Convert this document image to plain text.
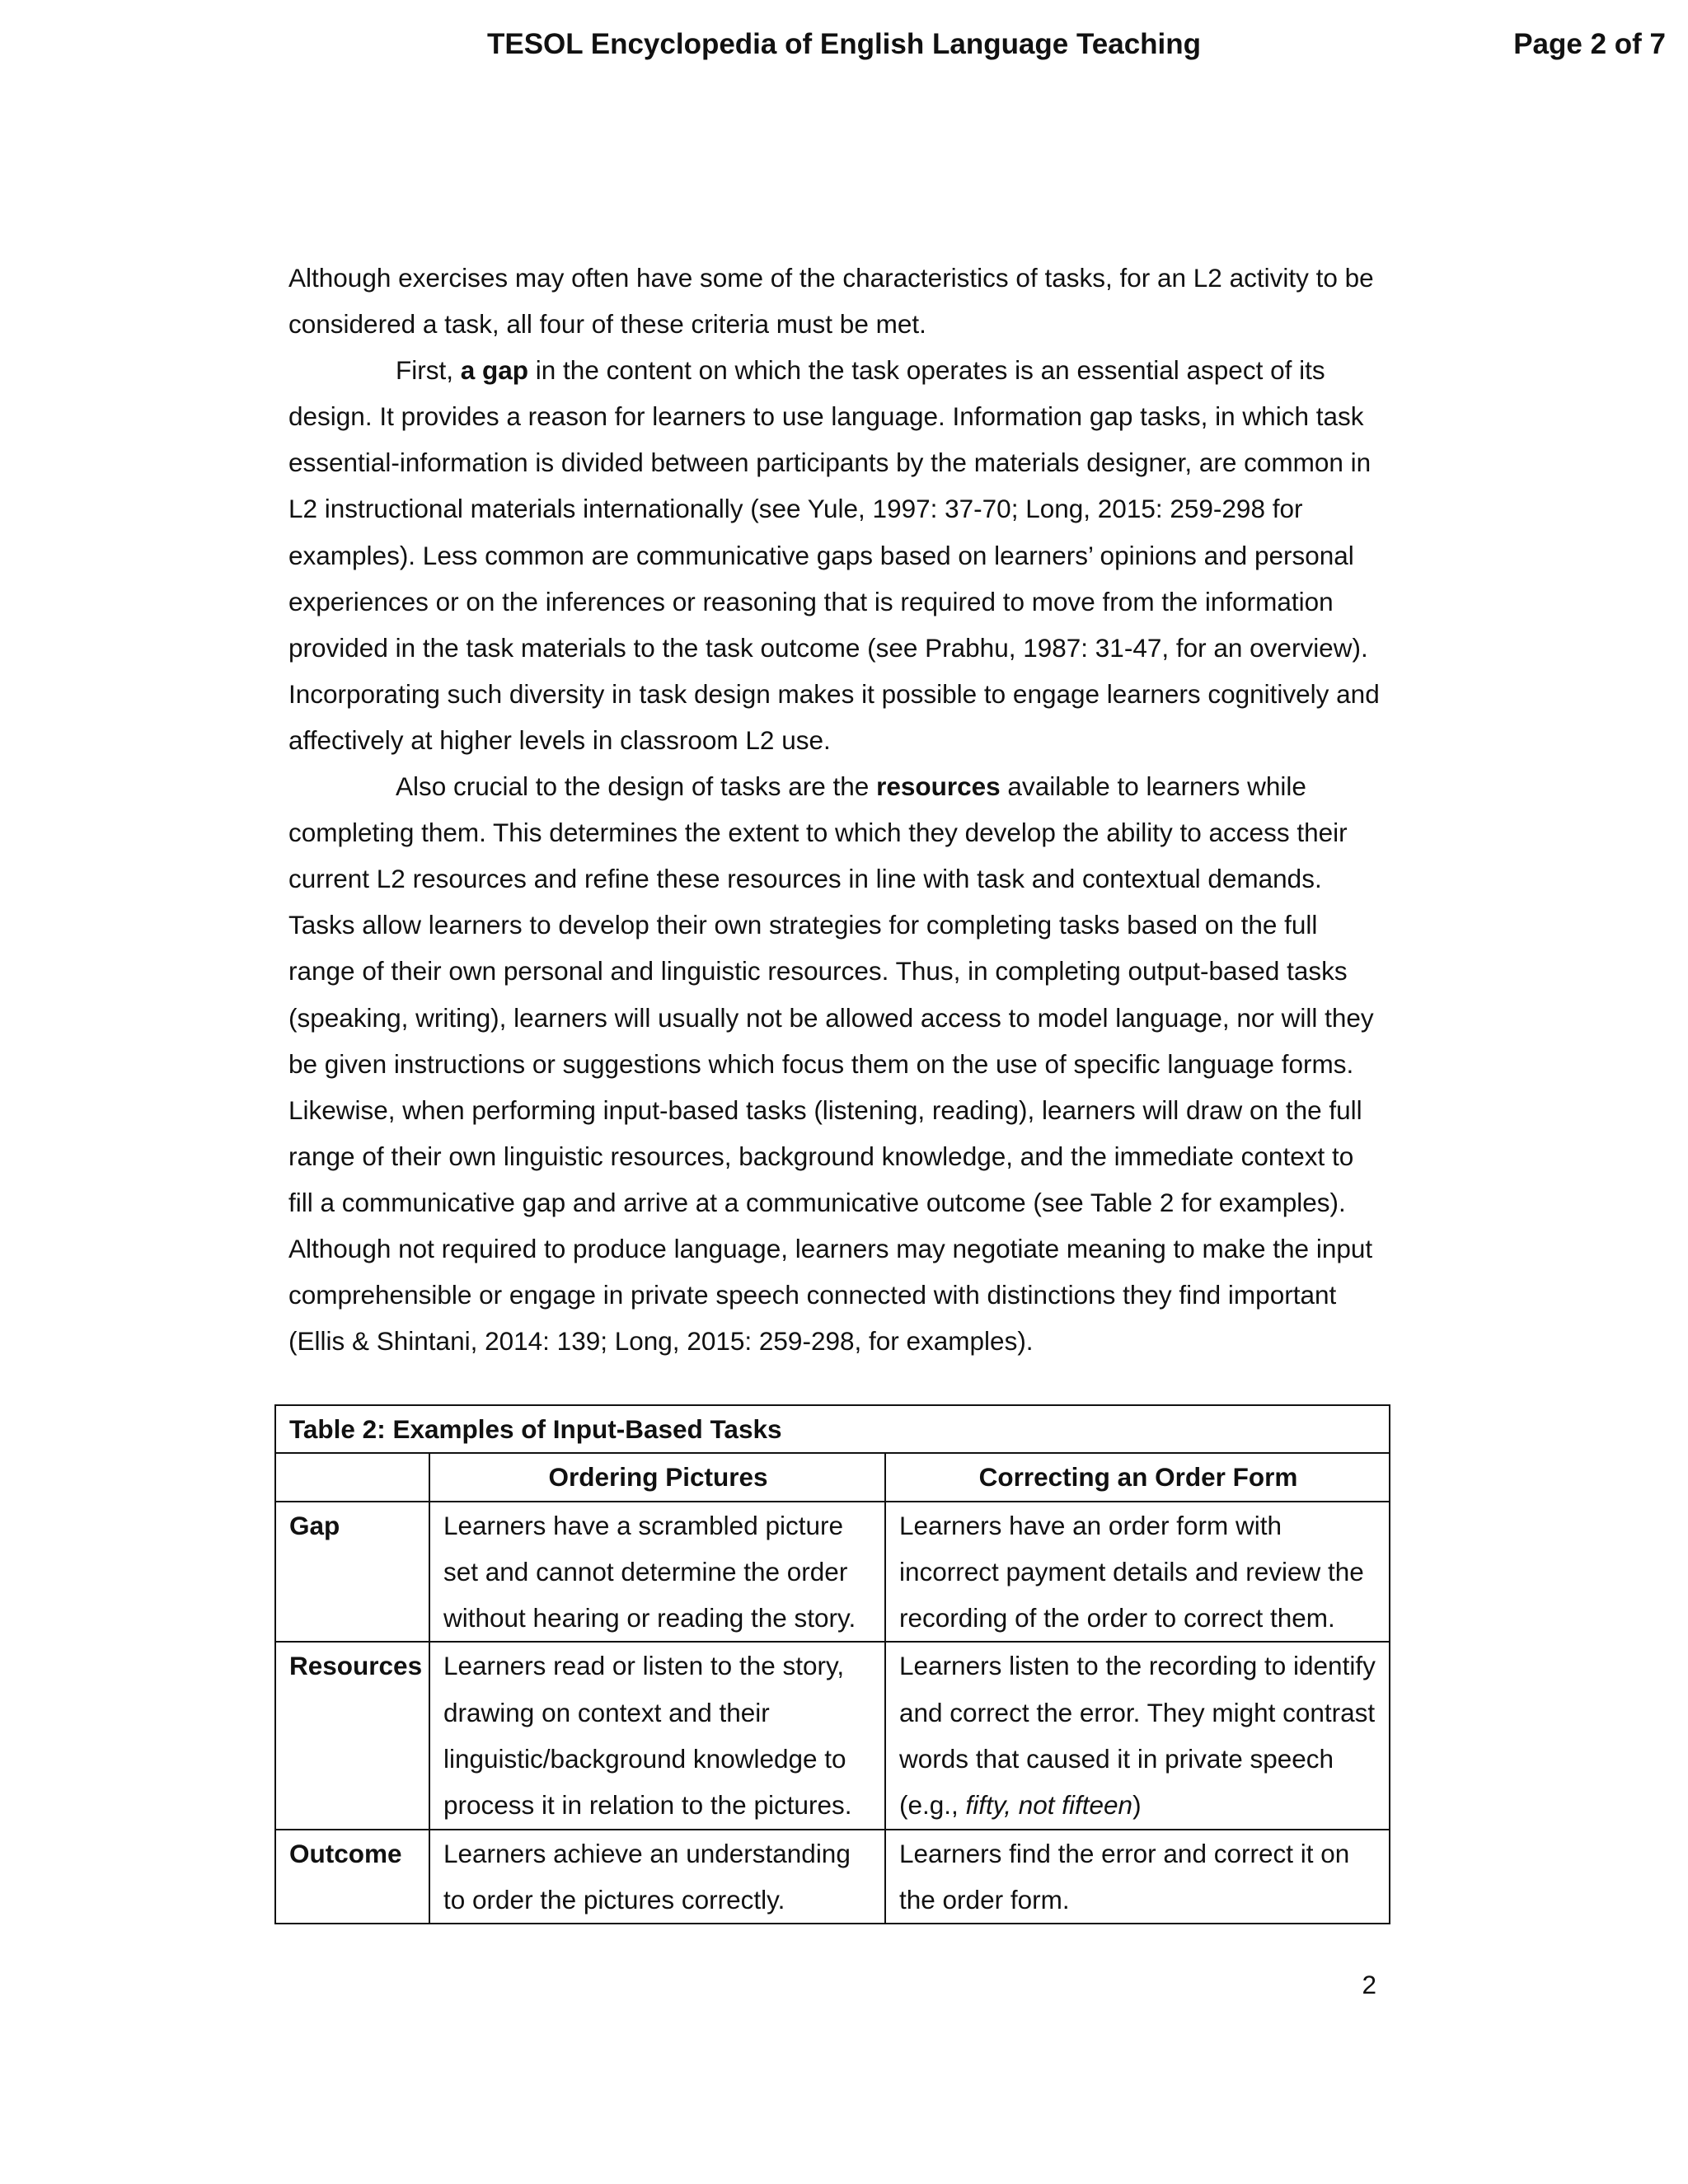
TESOL Encyclopedia of English Language Teaching	Page 2 of 7

Although exercises may often have some of the characteristics of tasks, for an L2 activity to be considered a task, all four of these criteria must be met.

First, a gap in the content on which the task operates is an essential aspect of its design. It provides a reason for learners to use language. Information gap tasks, in which task essential-information is divided between participants by the materials designer, are common in L2 instructional materials internationally (see Yule, 1997: 37-70; Long, 2015: 259-298 for examples). Less common are communicative gaps based on learners’ opinions and personal experiences or on the inferences or reasoning that is required to move from the information provided in the task materials to the task outcome (see Prabhu, 1987: 31-47, for an overview). Incorporating such diversity in task design makes it possible to engage learners cognitively and affectively at higher levels in classroom L2 use.

Also crucial to the design of tasks are the resources available to learners while completing them. This determines the extent to which they develop the ability to access their current L2 resources and refine these resources in line with task and contextual demands. Tasks allow learners to develop their own strategies for completing tasks based on the full range of their own personal and linguistic resources. Thus, in completing output-based tasks (speaking, writing), learners will usually not be allowed access to model language, nor will they be given instructions or suggestions which focus them on the use of specific language forms. Likewise, when performing input-based tasks (listening, reading), learners will draw on the full range of their own linguistic resources, background knowledge, and the immediate context to fill a communicative gap and arrive at a communicative outcome (see Table 2 for examples). Although not required to produce language, learners may negotiate meaning to make the input comprehensible or engage in private speech connected with distinctions they find important (Ellis & Shintani, 2014: 139; Long, 2015: 259-298, for examples).

Table 2: Examples of Input-Based Tasks		
	Ordering Pictures	Correcting an Order Form
Gap	Learners have a scrambled picture set and cannot determine the order without hearing or reading the story.	Learners have an order form with incorrect payment details and review the recording of the order to correct them.
Resources	Learners read or listen to the story, drawing on context and their linguistic/background knowledge to process it in relation to the pictures.	Learners listen to the recording to identify and correct the error. They might contrast words that caused it in private speech (e.g., fifty, not fifteen)
Outcome	Learners achieve an understanding to order the pictures correctly.	Learners find the error and correct it on the order form.
2
